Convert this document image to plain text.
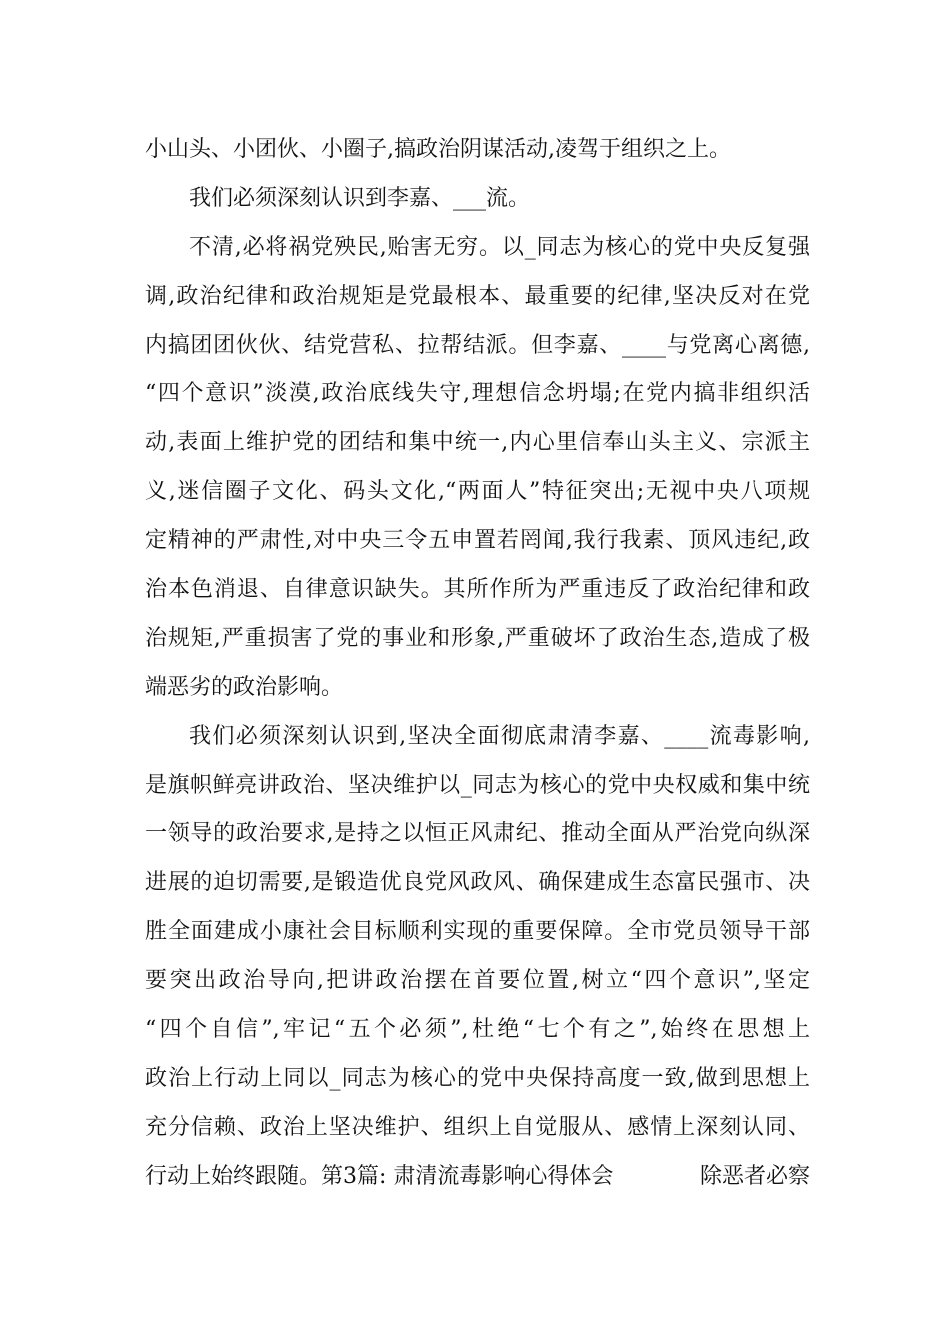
小山头、小团伙、小圈子,搞政治阴谋活动,凌驾于组织之上。
我们必须深刻认识到李嘉、___流。
不清,必将祸党殃民,贻害无穷。以_同志为核心的党中央反复强
调,政治纪律和政治规矩是党最根本、最重要的纪律,坚决反对在党
内搞团团伙伙、结党营私、拉帮结派。但李嘉、____与党离心离德,
“四个意识”淡漠,政治底线失守,理想信念坍塌;在党内搞非组织活
动,表面上维护党的团结和集中统一,内心里信奉山头主义、宗派主
义,迷信圈子文化、码头文化,“两面人”特征突出;无视中央八项规
定精神的严肃性,对中央三令五申置若罔闻,我行我素、顶风违纪,政
治本色消退、自律意识缺失。其所作所为严重违反了政治纪律和政
治规矩,严重损害了党的事业和形象,严重破坏了政治生态,造成了极
端恶劣的政治影响。
我们必须深刻认识到,坚决全面彻底肃清李嘉、____流毒影响,
是旗帜鲜亮讲政治、坚决维护以_同志为核心的党中央权威和集中统
一领导的政治要求,是持之以恒正风肃纪、推动全面从严治党向纵深
进展的迫切需要,是锻造优良党风政风、确保建成生态富民强市、决
胜全面建成小康社会目标顺利实现的重要保障。全市党员领导干部
要突出政治导向,把讲政治摆在首要位置,树立“四个意识”,坚定
“四个自信”,牢记“五个必须”,杜绝“七个有之”,始终在思想上
政治上行动上同以_同志为核心的党中央保持高度一致,做到思想上
充分信赖、政治上坚决维护、组织上自觉服从、感情上深刻认同、
行动上始终跟随。第3篇: 肃清流毒影响心得体会	除恶者必察
